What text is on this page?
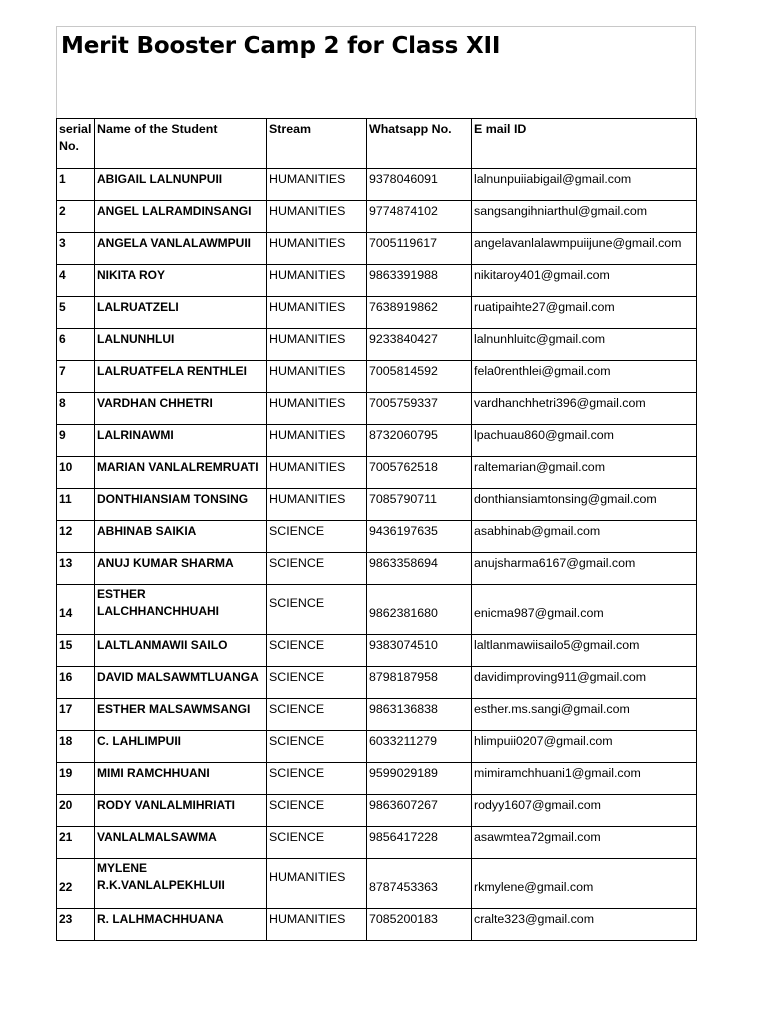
Merit Booster Camp 2 for Class XII
serial No.	Name of the Student	Stream	Whatsapp No.	E mail ID
1	ABIGAIL LALNUNPUII	HUMANITIES	9378046091	lalnunpuiiabigail@gmail.com
2	ANGEL LALRAMDINSANGI	HUMANITIES	9774874102	sangsangihniarthul@gmail.com
3	ANGELA VANLALAWMPUII	HUMANITIES	7005119617	angelavanlalawmpuiijune@gmail.com
4	NIKITA ROY	HUMANITIES	9863391988	nikitaroy401@gmail.com
5	LALRUATZELI	HUMANITIES	7638919862	ruatipaihte27@gmail.com
6	LALNUNHLUI	HUMANITIES	9233840427	lalnunhluitc@gmail.com
7	LALRUATFELA RENTHLEI	HUMANITIES	7005814592	fela0renthlei@gmail.com
8	VARDHAN CHHETRI	HUMANITIES	7005759337	vardhanchhetri396@gmail.com
9	LALRINAWMI	HUMANITIES	8732060795	lpachuau860@gmail.com
10	MARIAN VANLALREMRUATI	HUMANITIES	7005762518	raltemarian@gmail.com
11	DONTHIANSIAM TONSING	HUMANITIES	7085790711	donthiansiamtonsing@gmail.com
12	ABHINAB SAIKIA	SCIENCE	9436197635	asabhinab@gmail.com
13	ANUJ KUMAR SHARMA	SCIENCE	9863358694	anujsharma6167@gmail.com
14	ESTHER LALCHHANCHHUAHI	SCIENCE	9862381680	enicma987@gmail.com
15	LALTLANMAWII SAILO	SCIENCE	9383074510	laltlanmawiisailo5@gmail.com
16	DAVID MALSAWMTLUANGA	SCIENCE	8798187958	davidimproving911@gmail.com
17	ESTHER MALSAWMSANGI	SCIENCE	9863136838	esther.ms.sangi@gmail.com
18	C. LAHLIMPUII	SCIENCE	6033211279	hlimpuii0207@gmail.com
19	MIMI RAMCHHUANI	SCIENCE	9599029189	mimiramchhuani1@gmail.com
20	RODY VANLALMIHRIATI	SCIENCE	9863607267	rodyy1607@gmail.com
21	VANLALMALSAWMA	SCIENCE	9856417228	asawmtea72gmail.com
22	MYLENE R.K.VANLALPEKHLUII	HUMANITIES	8787453363	rkmylene@gmail.com
23	R. LALHMACHHUANA	HUMANITIES	7085200183	cralte323@gmail.com
